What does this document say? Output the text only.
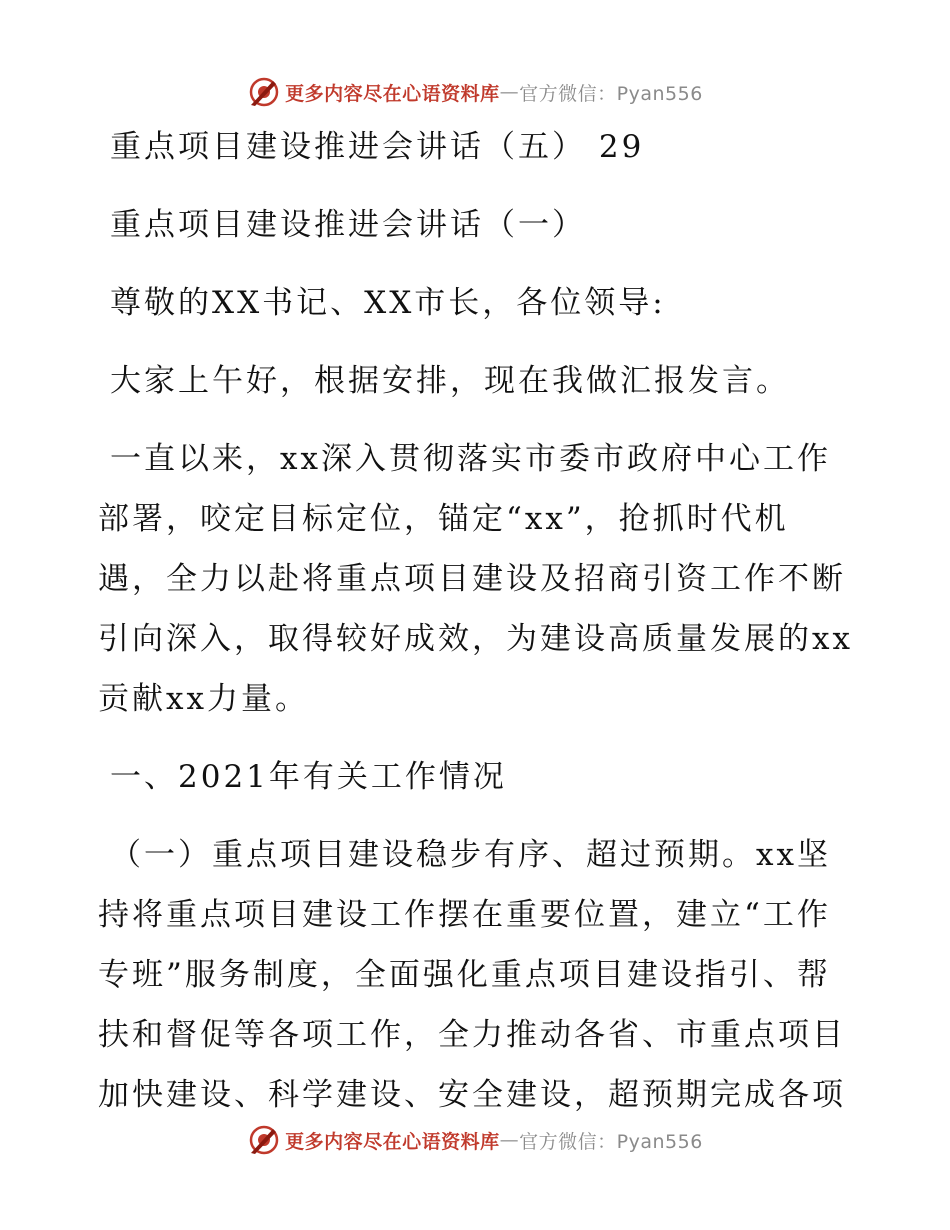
更多内容尽在心语资料库 — 官方微信：Pyan556
重点项目建设推进会讲话（五） 29
重点项目建设推进会讲话（一）
尊敬的XX书记、XX市长，各位领导:
大家上午好，根据安排，现在我做汇报发言。
一直以来，xx深入贯彻落实市委市政府中心工作
部署，咬定目标定位，锚定“xx”，抢抓时代机
遇，全力以赴将重点项目建设及招商引资工作不断
引向深入，取得较好成效，为建设高质量发展的xx
贡献xx力量。
一、2021年有关工作情况
（一）重点项目建设稳步有序、超过预期。xx坚
持将重点项目建设工作摆在重要位置，建立“工作
专班”服务制度，全面强化重点项目建设指引、帮
扶和督促等各项工作，全力推动各省、市重点项目
加快建设、科学建设、安全建设，超预期完成各项
更多内容尽在心语资料库 — 官方微信：Pyan556
